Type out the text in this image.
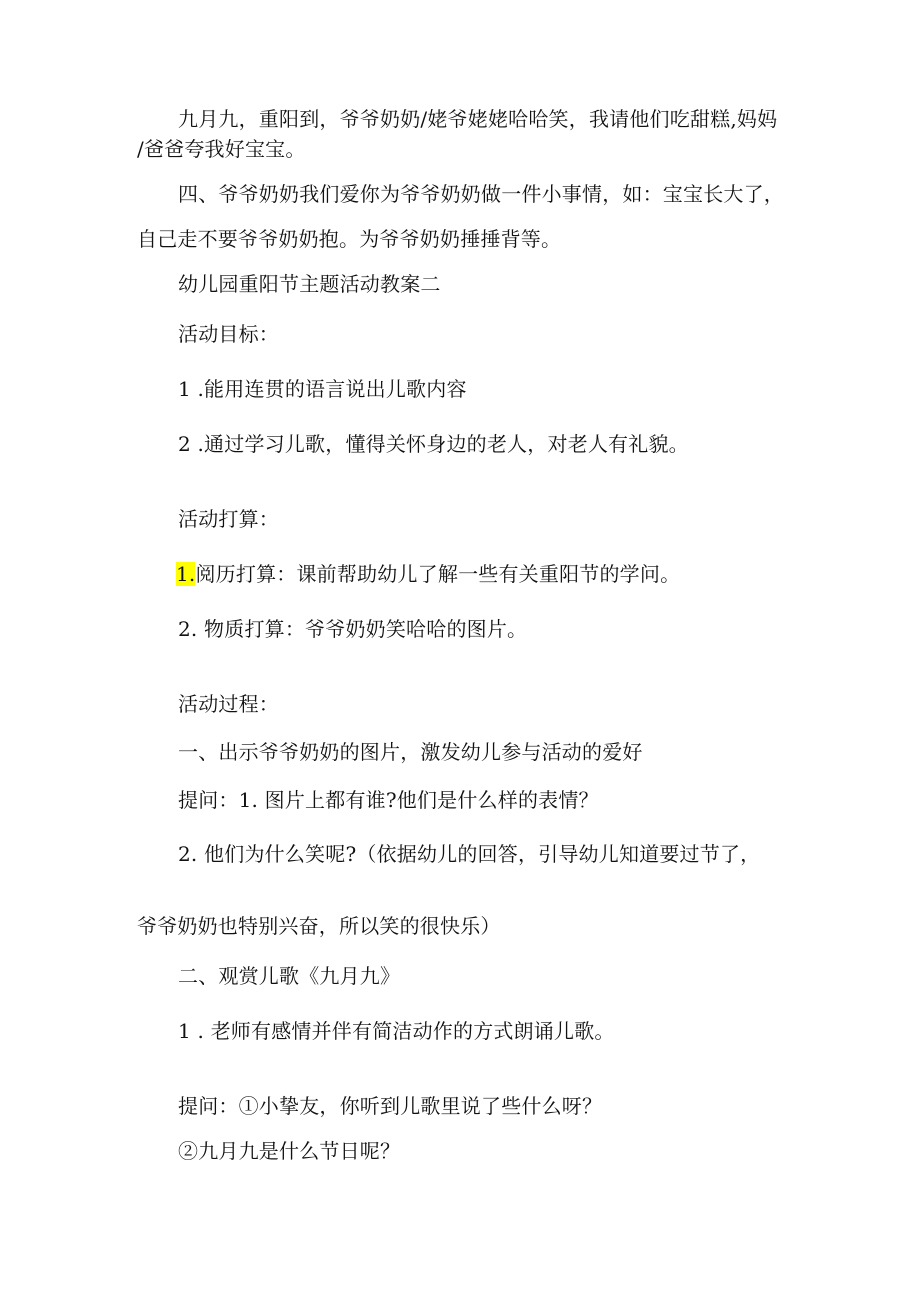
九月九，重阳到，爷爷奶奶/姥爷姥姥哈哈笑，我请他们吃甜糕,妈妈
/爸爸夸我好宝宝。
四、爷爷奶奶我们爱你为爷爷奶奶做一件小事情，如：宝宝长大了，
自己走不要爷爷奶奶抱。为爷爷奶奶捶捶背等。
幼儿园重阳节主题活动教案二
活动目标：
1 .能用连贯的语言说出儿歌内容
2 .通过学习儿歌，懂得关怀身边的老人，对老人有礼貌。
活动打算：
1.阅历打算：课前帮助幼儿了解一些有关重阳节的学问。
2. 物质打算：爷爷奶奶笑哈哈的图片。
活动过程：
一、出示爷爷奶奶的图片，激发幼儿参与活动的爱好
提问：1. 图片上都有谁?他们是什么样的表情？
2. 他们为什么笑呢?（依据幼儿的回答，引导幼儿知道要过节了，
爷爷奶奶也特别兴奋，所以笑的很快乐）
二、观赏儿歌《九月九》
1 . 老师有感情并伴有简洁动作的方式朗诵儿歌。
提问：①小挚友，你听到儿歌里说了些什么呀？
②九月九是什么节日呢？
